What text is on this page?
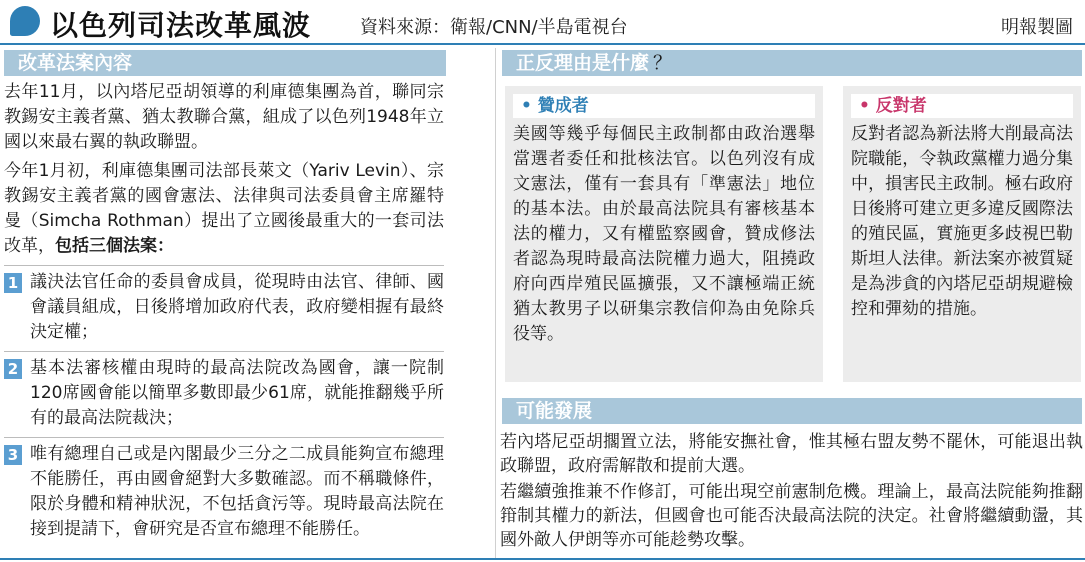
以色列司法改革風波	資料來源：衛報/CNN/半島電視台	明報製圖
改革法案內容

去年11月，以內塔尼亞胡領導的利庫德集團為首，聯同宗教錫安主義者黨、猶太教聯合黨，組成了以色列1948年立國以來最右翼的執政聯盟。

今年1月初，利庫德集團司法部長萊文（Yariv Levin）、宗教錫安主義者黨的國會憲法、法律與司法委員會主席羅特曼（Simcha Rothman）提出了立國後最重大的一套司法改革，包括三個法案：

1 議決法官任命的委員會成員，從現時由法官、律師、國會議員組成，日後將增加政府代表，政府變相握有最終決定權；
2 基本法審核權由現時的最高法院改為國會，讓一院制120席國會能以簡單多數即最少61席，就能推翻幾乎所有的最高法院裁決；
3 唯有總理自己或是內閣最少三分之二成員能夠宣布總理不能勝任，再由國會絕對大多數確認。而不稱職條件，限於身體和精神狀況，不包括貪污等。現時最高法院在接到提請下，會研究是否宣布總理不能勝任。
正反理由是什麼 ？
• 贊成者
美國等幾乎每個民主政制都由政治選舉當選者委任和批核法官。以色列沒有成文憲法，僅有一套具有「準憲法」地位的基本法。由於最高法院具有審核基本法的權力，又有權監察國會，贊成修法者認為現時最高法院權力過大，阻撓政府向西岸殖民區擴張，又不讓極端正統猶太教男子以研集宗教信仰為由免除兵役等。
• 反對者
反對者認為新法將大削最高法院職能，令執政黨權力過分集中，損害民主政制。極右政府日後將可建立更多違反國際法的殖民區，實施更多歧視巴勒斯坦人法律。新法案亦被質疑是為涉貪的內塔尼亞胡規避檢控和彈劾的措施。
可能發展

若內塔尼亞胡擱置立法，將能安撫社會，惟其極右盟友勢不罷休，可能退出執政聯盟，政府需解散和提前大選。

若繼續強推兼不作修訂，可能出現空前憲制危機。理論上，最高法院能夠推翻箝制其權力的新法，但國會也可能否決最高法院的決定。社會將繼續動盪，其國外敵人伊朗等亦可能趁勢攻擊。
